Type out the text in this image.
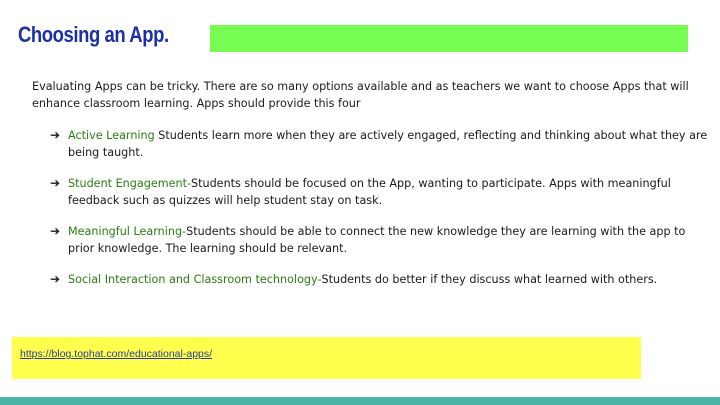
Choosing an App.
Evaluating Apps can be tricky. There are so many options available and as teachers we want to choose Apps that will enhance classroom learning. Apps should provide this four
➔ Active Learning Students learn more when they are actively engaged, reflecting and thinking about what they are being taught.
➔ Student Engagement-Students should be focused on the App, wanting to participate. Apps with meaningful feedback such as quizzes will help student stay on task.
➔ Meaningful Learning-Students should be able to connect the new knowledge they are learning with the app to prior knowledge. The learning should be relevant.
➔ Social Interaction and Classroom technology-Students do better if they discuss what learned with others.
https://blog.tophat.com/educational-apps/
